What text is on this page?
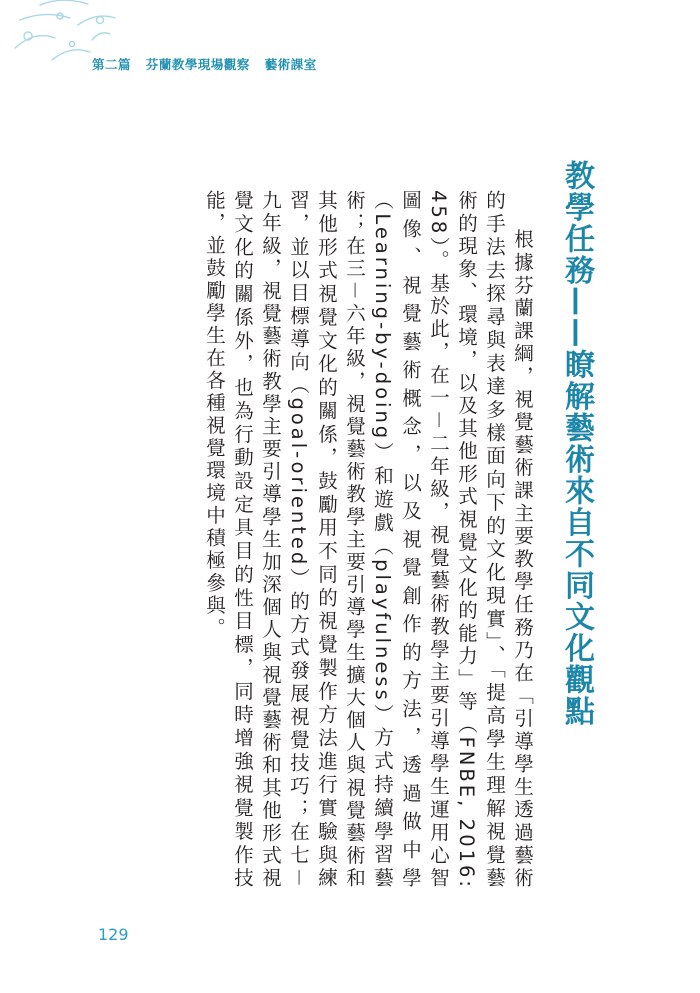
第二篇 芬蘭教學現場觀察 藝術課室
教學任務——瞭解藝術來自不同文化觀點

根據芬蘭課綱，視覺藝術課主要教學任務乃在「引導學生透過藝術的手法去探尋與表達多樣面向下的文化現實」、「提高學生理解視覺藝術的現象、環境，以及其他形式視覺文化的能力」等（FNBE, 2016: 458）。基於此，在一－二年級，視覺藝術教學主要引導學生運用心智圖像、視覺藝術概念，以及視覺創作的方法，透過做中學（Learning-by-doing）和遊戲（playfulness）方式持續學習藝術；在三－六年級，視覺藝術教學主要引導學生擴大個人與視覺藝術和其他形式視覺文化的關係，鼓勵用不同的視覺製作方法進行實驗與練習，並以目標導向（goal-oriented）的方式發展視覺技巧；在七－九年級，視覺藝術教學主要引導學生加深個人與視覺藝術和其他形式視覺文化的關係外，也為行動設定具目的性目標，同時增強視覺製作技能，並鼓勵學生在各種視覺環境中積極參與。

129
